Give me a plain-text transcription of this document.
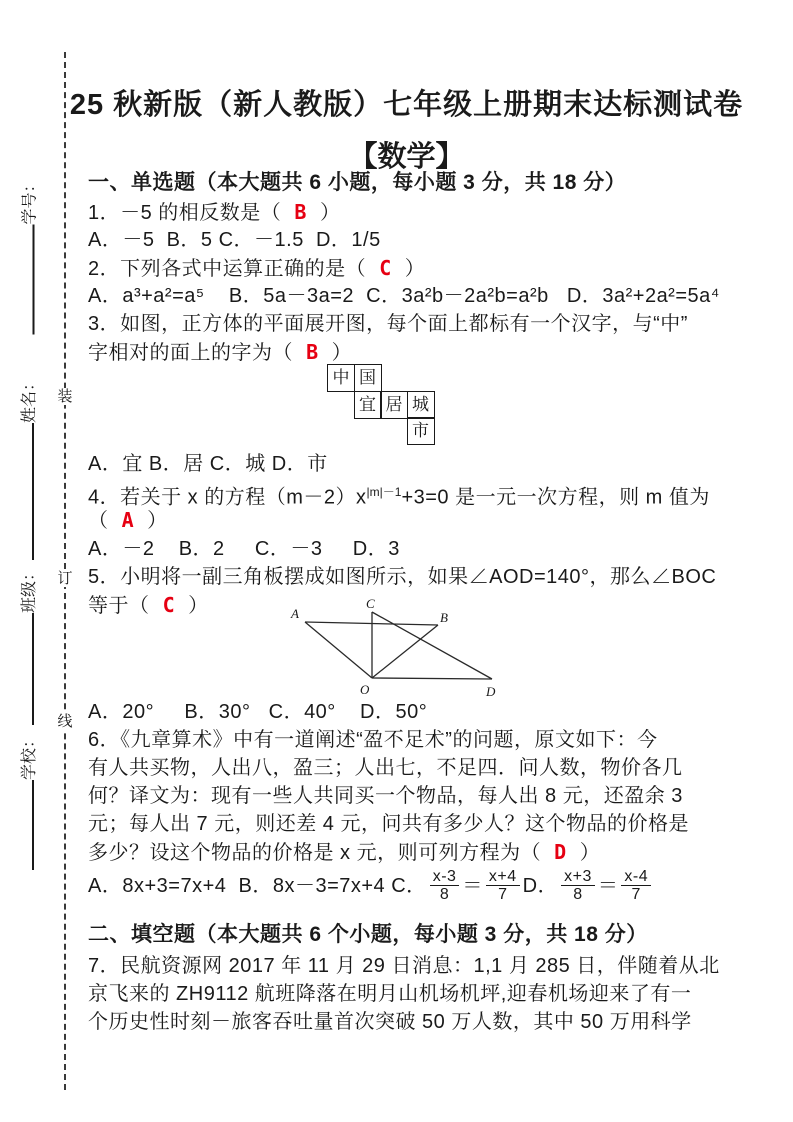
装
订
线
学号：
姓名：
班级：
学校：
25 秋新版（新人教版）七年级上册期末达标测试卷
【数学】
一、单选题（本大题共 6 小题，每小题 3 分，共 18 分）
1．－5 的相反数是（ B ）
A．－5  B．5 C．－1.5  D．1/5
2．下列各式中运算正确的是（ C ）
A．a³+a²=a⁵    B．5a－3a=2  C．3a²b－2a²b=a²b   D．3a²+2a²=5a⁴
3．如图，正方体的平面展开图，每个面上都标有一个汉字，与“中”
字相对的面上的字为（ B ）
中 国
宜 居 城
市
A．宜 B．居 C．城 D．市
4．若关于 x 的方程$(m-2)x^{|m|-1}+3=0$ 是一元一次方程，则 m 值为
（ A ）
A．－2    B．2     C．－3     D．3
5．小明将一副三角板摆成如图所示，如果∠AOD=140°，那么∠BOC
等于（ C ）	A
C
B
O	D
A．20°     B．30°   C．40°    D．50°
6．《九章算术》中有一道阐述“盈不足术”的问题，原文如下：今
有人共买物，人出八，盈三；人出七，不足四．问人数，物价各几
何？译文为：现有一些人共同买一个物品，每人出 8 元，还盈余 3
元；每人出 7 元，则还差 4 元，问共有多少人？这个物品的价格是
多少？设这个物品的价格是 x 元，则可列方程为（ D ）
A．8x+3=7x+4 B．8x－3=7x+4 C． $\frac{x-3}{8} = \frac{x+4}{7}$ D． $\frac{x+3}{8} = \frac{x-4}{7}$
二、填空题（本大题共 6 个小题，每小题 3 分，共 18 分）
7．民航资源网 2017 年 11 月 29 日消息：1,1 月 285 日，伴随着从北
京飞来的 ZH9112 航班降落在明月山机场机坪,迎春机场迎来了有一
个历史性时刻－旅客吞吐量首次突破 50 万人数，其中 50 万用科学
